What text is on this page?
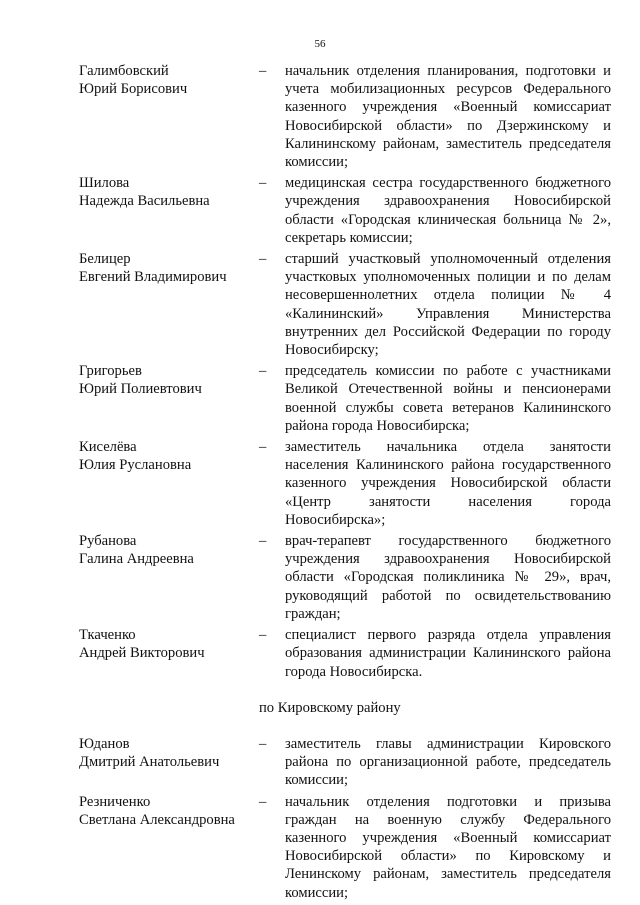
56
Галимбовский
Юрий Борисович
–	начальник отделения планирования, подготовки и учета мобилизационных ресурсов Федерального казенного учреждения «Военный комиссариат Новосибирской области» по Дзержинскому и Калининскому районам, заместитель председателя комиссии;
Шилова
Надежда Васильевна
–	медицинская сестра государственного бюджетного учреждения здравоохранения Новосибирской области «Городская клиническая больница № 2», секретарь комиссии;
Белицер
Евгений Владимирович
–	старший участковый уполномоченный отделения участковых уполномоченных полиции и по делам несовершеннолетних отдела полиции № 4 «Калининский» Управления Министерства внутренних дел Российской Федерации по городу Новосибирску;
Григорьев
Юрий Полиевтович
–	председатель комиссии по работе с участниками Великой Отечественной войны и пенсионерами военной службы совета ветеранов Калининского района города Новосибирска;
Киселёва
Юлия Руслановна
–	заместитель начальника отдела занятости населения Калининского района государственного казенного учреждения Новосибирской области «Центр занятости населения города Новосибирска»;
Рубанова
Галина Андреевна
–	врач-терапевт государственного бюджетного учреждения здравоохранения Новосибирской области «Городская поликлиника № 29», врач, руководящий работой по освидетельствованию граждан;
Ткаченко
Андрей Викторович
–	специалист первого разряда отдела управления образования администрации Калининского района города Новосибирска.
по Кировскому району
Юданов
Дмитрий Анатольевич
–	заместитель главы администрации Кировского района по организационной работе, председатель комиссии;
Резниченко
Светлана Александровна
–	начальник отделения подготовки и призыва граждан на военную службу Федерального казенного учреждения «Военный комиссариат Новосибирской области» по Кировскому и Ленинскому районам, заместитель председателя комиссии;
